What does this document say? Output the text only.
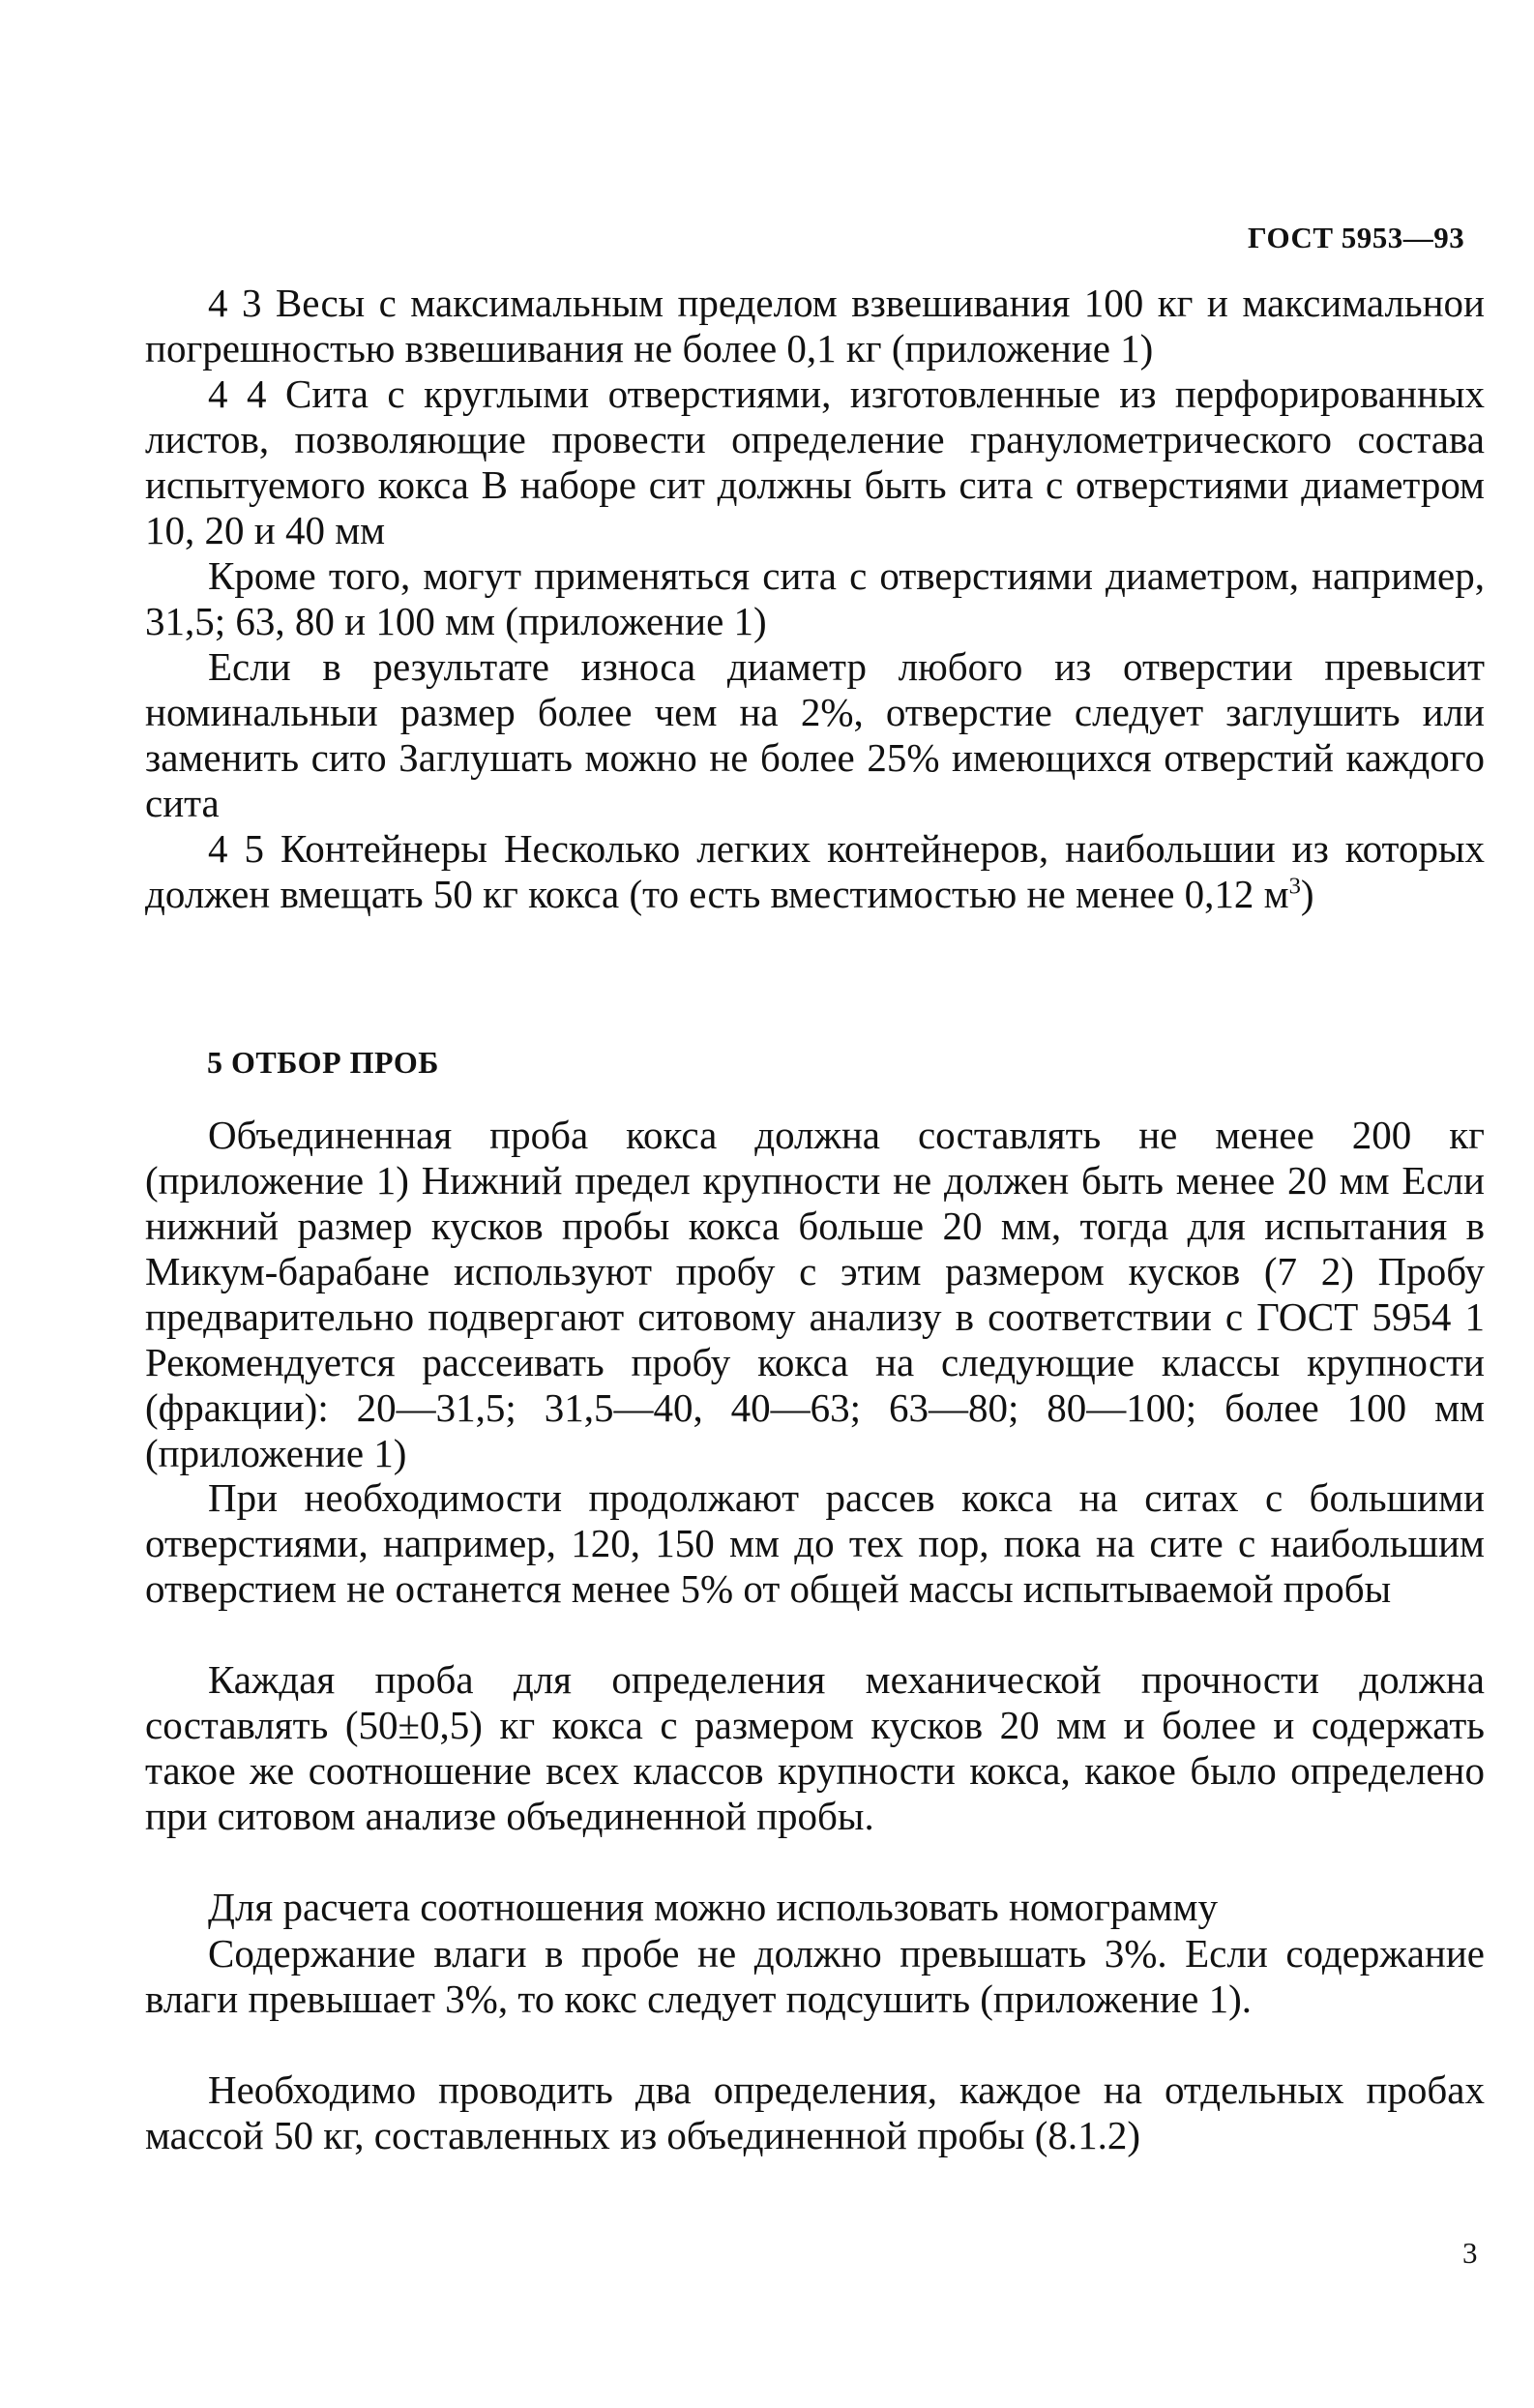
ГОСТ 5953—93

4 3 Весы с максимальным пределом взвешивания 100 кг и максимальнои погрешностью взвешивания не более 0,1 кг (приложение 1)

4 4 Сита с круглыми отверстиями, изготовленные из перфорированных листов, позволяющие провести определение гранулометрического состава испытуемого кокса В наборе сит должны быть сита с отверстиями диаметром 10, 20 и 40 мм

Кроме того, могут применяться сита с отверстиями диаметром, например, 31,5; 63, 80 и 100 мм (приложение 1)

Если в результате износа диаметр любого из отверстии превысит номинальныи размер более чем на 2%, отверстие следует заглушить или заменить сито Заглушать можно не более 25% имеющихся отверстий каждого сита

4 5 Контейнеры Несколько легких контейнеров, наибольшии из которых должен вмещать 50 кг кокса (то есть вместимостью не менее 0,12 $м^3$)

5 ОТБОР ПРОБ

Объединенная проба кокса должна составлять не менее 200 кг (приложение 1) Нижний предел крупности не должен быть менее 20 мм Если нижний размер кусков пробы кокса больше 20 мм, тогда для испытания в Микум-барабане используют пробу с этим размером кусков (7 2) Пробу предварительно подвергают ситовому анализу в соответствии с ГОСТ 5954 1 Рекомендуется рассеивать пробу кокса на следующие классы крупности (фракции): 20—31,5; 31,5—40, 40—63; 63—80; 80—100; более 100 мм (приложение 1)

При необходимости продолжают рассев кокса на ситах с большими отверстиями, например, 120, 150 мм до тех пор, пока на сите с наибольшим отверстием не останется менее 5% от общей массы испытываемой пробы

Каждая проба для определения механической прочности должна составлять (50±0,5) кг кокса с размером кусков 20 мм и более и содержать такое же соотношение всех классов крупности кокса, какое было определено при ситовом анализе объединенной пробы.

Для расчета соотношения можно использовать номограмму

Содержание влаги в пробе не должно превышать 3%. Если содержание влаги превышает 3%, то кокс следует подсушить (приложение 1).

Необходимо проводить два определения, каждое на отдельных пробах массой 50 кг, составленных из объединенной пробы (8.1.2)

3
